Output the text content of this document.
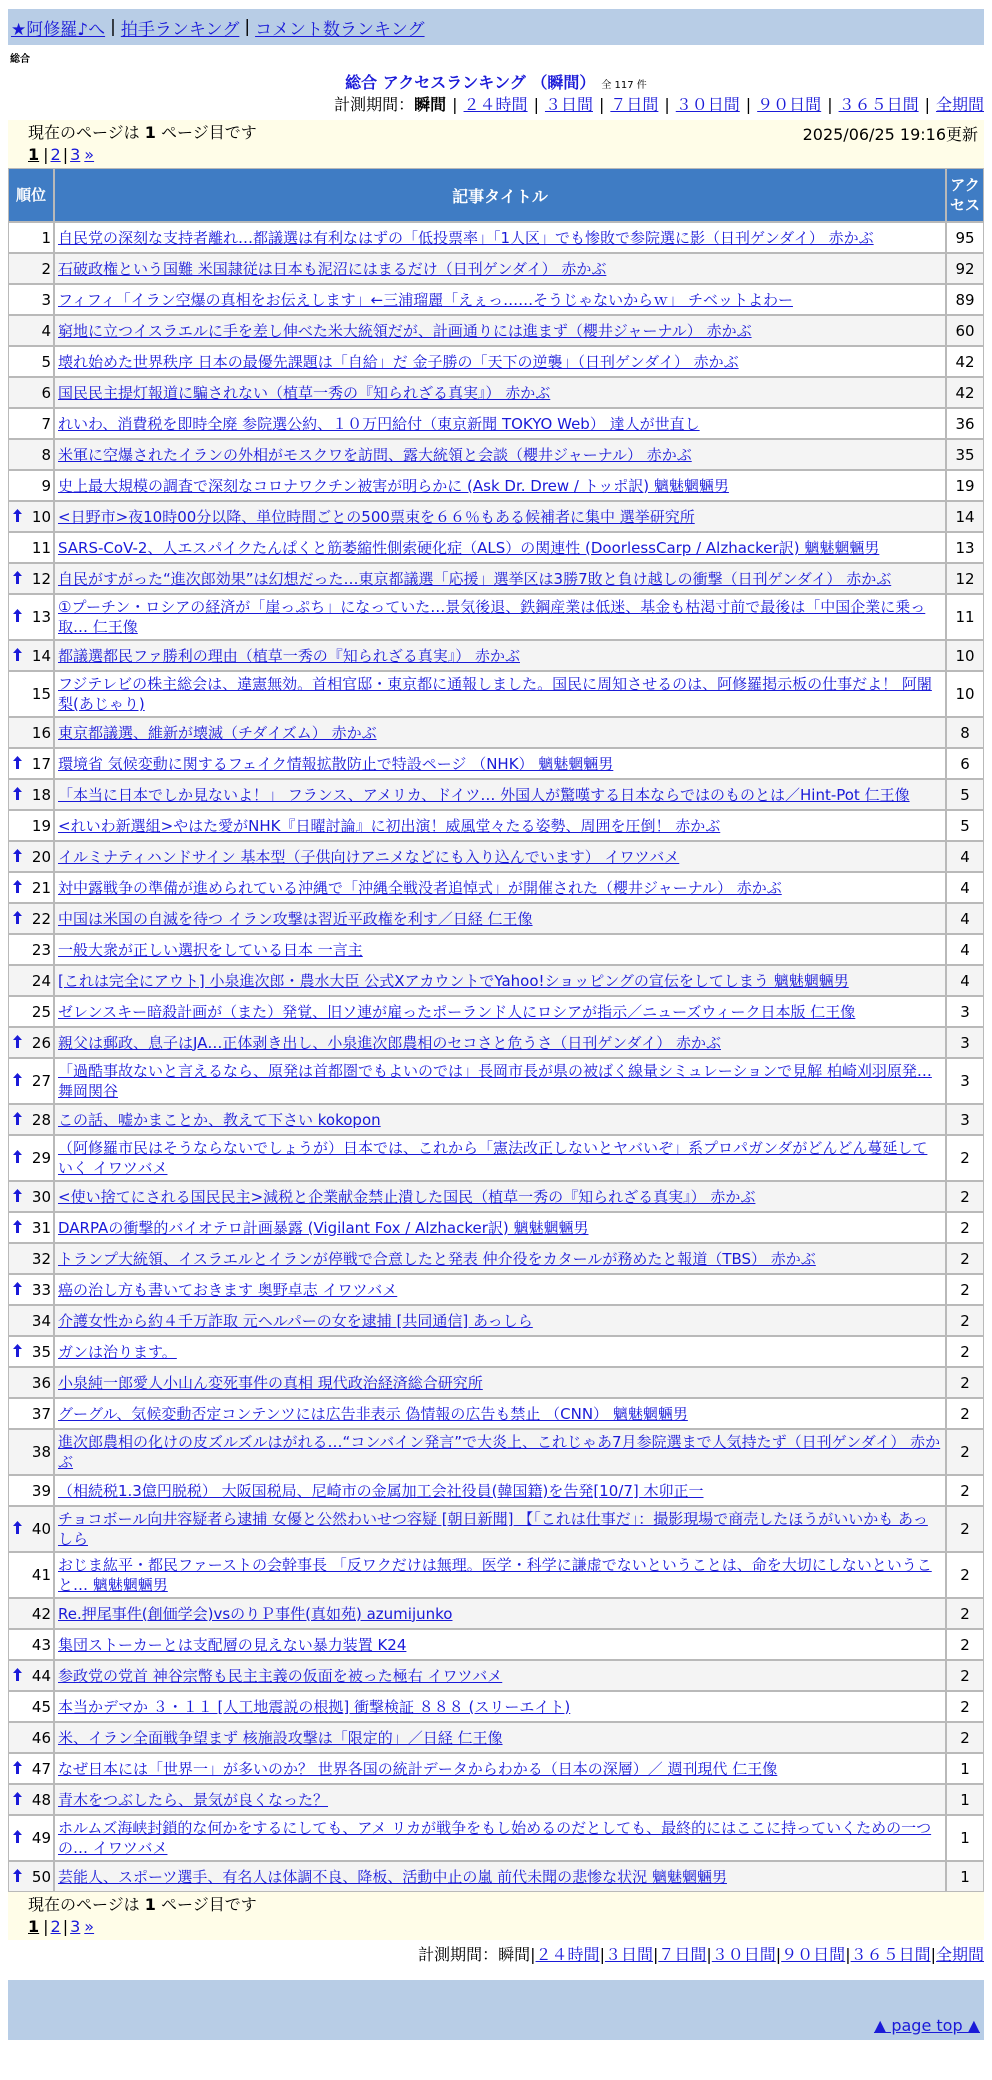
★阿修羅♪へ | 拍手ランキング | コメント数ランキング
総合
総合 アクセスランキング （瞬間） 全 117 件
計測期間：瞬間 | ２４時間 | ３日間 | ７日間 | ３０日間 | ９０日間 | ３６５日間 | 全期間
現在のページは 1 ページ目です	2025/06/25 19:16更新
1 | 2 | 3 »
順位	記事タイトル	アクセス
1	自民党の深刻な支持者離れ…都議選は有利なはずの「低投票率」「1人区」でも惨敗で参院選に影（日刊ゲンダイ） 赤かぶ	95
2	石破政権という国難 米国隷従は日本も泥沼にはまるだけ（日刊ゲンダイ） 赤かぶ	92
3	フィフィ「イラン空爆の真相をお伝えします」←三浦瑠麗「えぇっ……そうじゃないからｗ」 チベットよわー	89
4	窮地に立つイスラエルに手を差し伸べた米大統領だが、計画通りには進まず（櫻井ジャーナル） 赤かぶ	60
5	壊れ始めた世界秩序 日本の最優先課題は「自給」だ 金子勝の「天下の逆襲」（日刊ゲンダイ） 赤かぶ	42
6	国民民主提灯報道に騙されない（植草一秀の『知られざる真実』） 赤かぶ	42
7	れいわ、消費税を即時全廃 参院選公約、１０万円給付（東京新聞 TOKYO Web） 達人が世直し	36
8	米軍に空爆されたイランの外相がモスクワを訪問、露大統領と会談（櫻井ジャーナル） 赤かぶ	35
9	史上最大規模の調査で深刻なコロナワクチン被害が明らかに (Ask Dr. Drew / トッポ訳) 魑魅魍魎男	19

10	<日野市>夜10時00分以降、単位時間ごとの500票束を６６％もある候補者に集中 選挙研究所	14
11	SARS-CoV-2、人エスパイクたんぱくと筋萎縮性側索硬化症（ALS）の関連性 (DoorlessCarp / Alzhacker訳) 魑魅魍魎男	13

12	自民がすがった“進次郎効果”は幻想だった…東京都議選「応援」選挙区は3勝7敗と負け越しの衝撃（日刊ゲンダイ） 赤かぶ	12

13	①プーチン・ロシアの経済が「崖っぷち」になっていた…景気後退、鉄鋼産業は低迷、基金も枯渇寸前で最後は「中国企業に乗っ取… 仁王像	11

14	都議選都民ファ勝利の理由（植草一秀の『知られざる真実』） 赤かぶ	10
15	フジテレビの株主総会は、違憲無効。首相官邸・東京都に通報しました。国民に周知させるのは、阿修羅掲示板の仕事だよ！ 阿闍梨(あじゃり)	10
16	東京都議選、維新が壊滅（チダイズム） 赤かぶ	8

17	環境省 気候変動に関するフェイク情報拡散防止で特設ページ （NHK） 魑魅魍魎男	6

18	「本当に日本でしか見ないよ！」 フランス、アメリカ、ドイツ… 外国人が驚嘆する日本ならではのものとは／Hint-Pot 仁王像	5
19	<れいわ新選組>やはた愛がNHK『日曜討論』に初出演！威風堂々たる姿勢、周囲を圧倒！ 赤かぶ	5

20	イルミナティハンドサイン 基本型（子供向けアニメなどにも入り込んでいます） イワツバメ	4

21	対中露戦争の準備が進められている沖縄で「沖縄全戦没者追悼式」が開催された（櫻井ジャーナル） 赤かぶ	4

22	中国は米国の自滅を待つ イラン攻撃は習近平政権を利す／日経 仁王像	4
23	一般大衆が正しい選択をしている日本 一言主	4
24	[これは完全にアウト] 小泉進次郎・農水大臣 公式XアカウントでYahoo!ショッピングの宣伝をしてしまう 魑魅魍魎男	4
25	ゼレンスキー暗殺計画が（また）発覚、旧ソ連が雇ったポーランド人にロシアが指示／ニューズウィーク日本版 仁王像	3

26	親父は郵政、息子はJA…正体剥き出し、小泉進次郎農相のセコさと危うさ（日刊ゲンダイ） 赤かぶ	3

27	「過酷事故ないと言えるなら、原発は首都圏でもよいのでは」長岡市長が県の被ばく線量シミュレーションで見解 柏崎刈羽原発… 舞岡関谷	3

28	この話、嘘かまことか、教えて下さい kokopon	3

29	（阿修羅市民はそうならないでしょうが）日本では、これから「憲法改正しないとヤバいぞ」系プロパガンダがどんどん蔓延していく イワツバメ	2

30	<使い捨てにされる国民民主>減税と企業献金禁止潰した国民（植草一秀の『知られざる真実』） 赤かぶ	2

31	DARPAの衝撃的バイオテロ計画暴露 (Vigilant Fox / Alzhacker訳) 魑魅魍魎男	2
32	トランプ大統領、イスラエルとイランが停戦で合意したと発表 仲介役をカタールが務めたと報道（TBS） 赤かぶ	2

33	癌の治し方も書いておきます 奥野卓志 イワツバメ	2
34	介護女性から約４千万詐取 元ヘルパーの女を逮捕 [共同通信] あっしら	2

35	ガンは治ります。	2
36	小泉純一郎愛人小山ん変死事件の真相 現代政治経済総合研究所	2
37	グーグル、気候変動否定コンテンツには広告非表示 偽情報の広告も禁止 （CNN） 魑魅魍魎男	2
38	進次郎農相の化けの皮ズルズルはがれる…“コンバイン発言”で大炎上、これじゃあ7月参院選まで人気持たず（日刊ゲンダイ） 赤かぶ	2
39	（相続税1.3億円脱税） 大阪国税局、尼崎市の金属加工会社役員(韓国籍)を告発[10/7] 木卯正一	2

40	チョコボール向井容疑者ら逮捕 女優と公然わいせつ容疑 [朝日新聞] 【「これは仕事だ」：撮影現場で商売したほうがいいかも あっしら	2
41	おじま紘平・都民ファーストの会幹事長 「反ワクだけは無理。医学・科学に謙虚でないということは、命を大切にしないということ… 魑魅魍魎男	2
42	Re.押尾事件(創価学会)vsのりＰ事件(真如苑) azumijunko	2
43	集団ストーカーとは支配層の見えない暴力装置 K24	2

44	参政党の党首 神谷宗幣も民主主義の仮面を被った極右 イワツバメ	2
45	本当かデマか ３・１１ [人工地震説の根拠] 衝撃検証 ８８８ (スリーエイト)	2
46	米、イラン全面戦争望まず 核施設攻撃は「限定的」／日経 仁王像	2

47	なぜ日本には「世界一」が多いのか？ 世界各国の統計データからわかる（日本の深層）／ 週刊現代 仁王像	1

48	青木をつぶしたら、景気が良くなった？	1

49	ホルムズ海峡封鎖的な何かをするにしても、アメ リカが戦争をもし始めるのだとしても、最終的にはここに持っていくための一つの… イワツバメ	1

50	芸能人、スポーツ選手、有名人は体調不良、降板、活動中止の嵐 前代未聞の悲惨な状況 魑魅魍魎男	1
現在のページは 1 ページ目です
1 | 2 | 3 »
計測期間：瞬間|２４時間|３日間|７日間|３０日間|９０日間|３６５日間|全期間
▲ page top ▲
